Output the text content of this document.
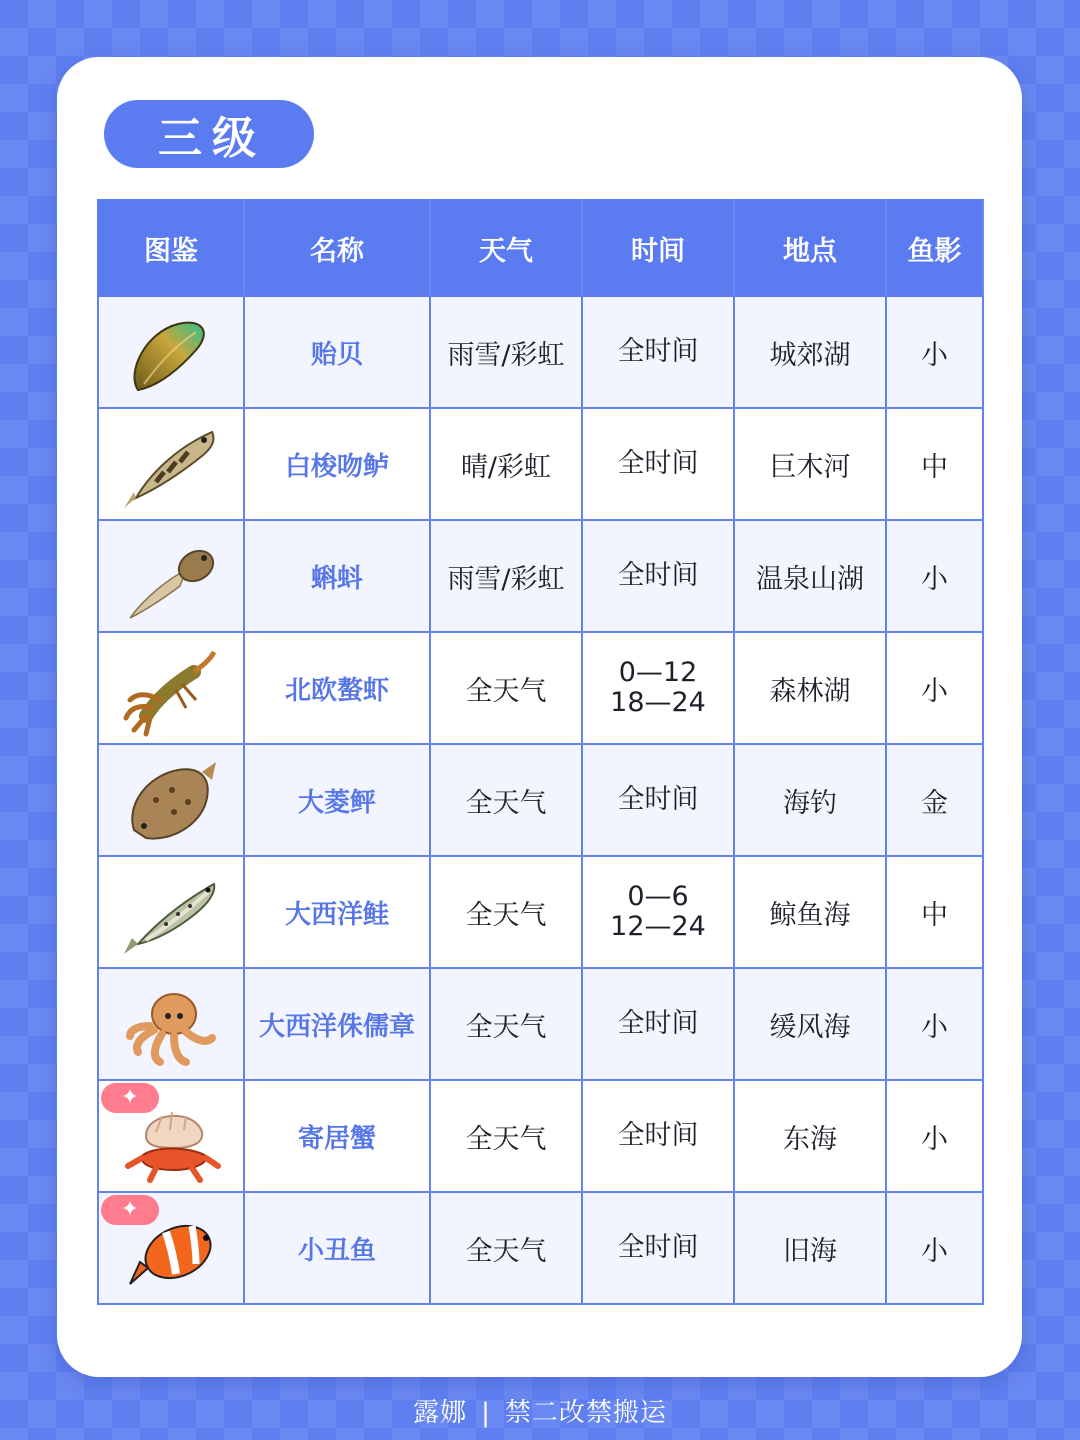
三级
图鉴	名称	天气	时间	地点	鱼影

	贻贝	雨雪/彩虹	全时间	城郊湖	小

	白梭吻鲈	晴/彩虹	全时间	巨木河	中

	蝌蚪	雨雪/彩虹	全时间	温泉山湖	小

	北欧螯虾	全天气	0—12
18—24	森林湖	小

	大菱鲆	全天气	全时间	海钓	金

	大西洋鲑	全天气	0—6
12—24	鲸鱼海	中

	大西洋侏儒章	全天气	全时间	缓风海	小

✦	寄居蟹	全天气	全时间	东海	小

✦	小丑鱼	全天气	全时间	旧海	小
露娜 | 禁二改禁搬运
